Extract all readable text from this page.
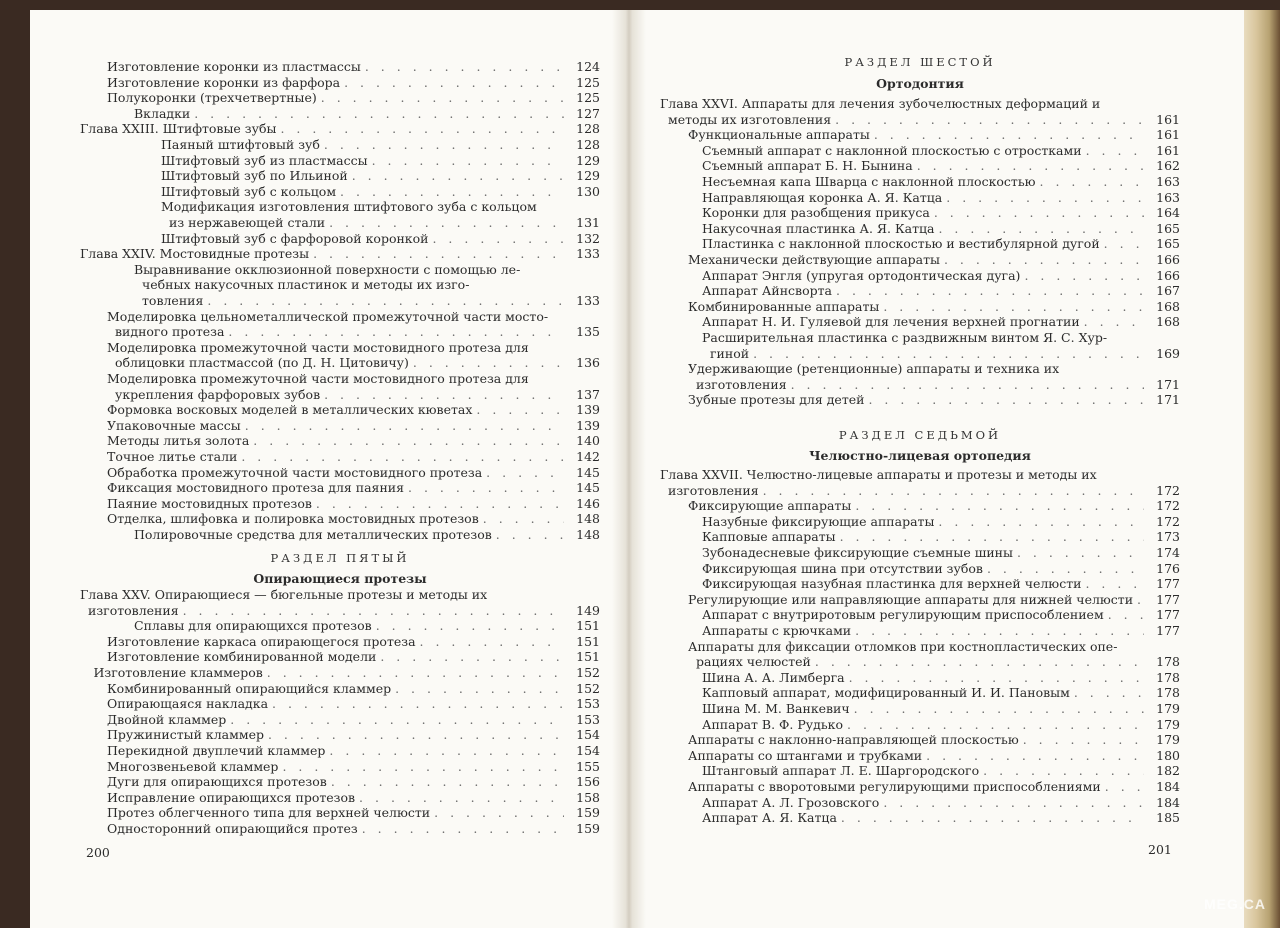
Изготовление коронки из пластмассы . . .	124
Изготовление коронки из фарфора . . .	125
Полукоронки (трехчетвертные) . . .	125
Вкладки . . .	127
Глава XXIII. Штифтовые зубы . . .	128
Паяный штифтовый зуб . . .	128
Штифтовый зуб из пластмассы . . .	129
Штифтовый зуб по Ильиной . . .	129
Штифтовый зуб с кольцом . . .	130
Модификация изготовления штифтового зуба с кольцом
из нержавеющей стали . . .	131
Штифтовый зуб с фарфоровой коронкой . . .	132
Глава XXIV. Мостовидные протезы . . .	133
Выравнивание окклюзионной поверхности с помощью ле-
чебных накусочных пластинок и методы их изго-
товления . . .	133
Моделировка цельнометаллической промежуточной части мосто-
видного протеза . . .	135
Моделировка промежуточной части мостовидного протеза для
облицовки пластмассой (по Д. Н. Цитовичу) . . .	136
Моделировка промежуточной части мостовидного протеза для
укрепления фарфоровых зубов . . .	137
Формовка восковых моделей в металлических кюветах . . .	139
Упаковочные массы . . .	139
Методы литья золота . . .	140
Точное литье стали . . .	142
Обработка промежуточной части мостовидного протеза . . .	145
Фиксация мостовидного протеза для паяния . . .	145
Паяние мостовидных протезов . . .	146
Отделка, шлифовка и полировка мостовидных протезов . . .	148
Полировочные средства для металлических протезов . . .	148
РАЗДЕЛ ПЯТЫЙ
Опирающиеся протезы
Глава XXV. Опирающиеся — бюгельные протезы и методы их
изготовления . . .	149
Сплавы для опирающихся протезов . . .	151
Изготовление каркаса опирающегося протеза . . .	151
Изготовление комбинированной модели . . .	151
Изготовление кламмеров . . .	152
Комбинированный опирающийся кламмер . . .	152
Опирающаяся накладка . . .	153
Двойной кламмер . . .	153
Пружинистый кламмер . . .	154
Перекидной двуплечий кламмер . . .	154
Многозвеньевой кламмер . . .	155
Дуги для опирающихся протезов . . .	156
Исправление опирающихся протезов . . .	158
Протез облегченного типа для верхней челюсти . . .	159
Односторонний опирающийся протез . . .	159
200
РАЗДЕЛ ШЕСТОЙ
Ортодонтия
Глава XXVI. Аппараты для лечения зубочелюстных деформаций и
методы их изготовления . . .	161
Функциональные аппараты . . .	161
Съемный аппарат с наклонной плоскостью с отростками . . .	161
Съемный аппарат Б. Н. Бынина . . .	162
Несъемная капа Шварца с наклонной плоскостью . . .	163
Направляющая коронка А. Я. Катца . . .	163
Коронки для разобщения прикуса . . .	164
Накусочная пластинка А. Я. Катца . . .	165
Пластинка с наклонной плоскостью и вестибулярной дугой . . .	165
Механически действующие аппараты . . .	166
Аппарат Энгля (упругая ортодонтическая дуга) . . .	166
Аппарат Айнсворта . . .	167
Комбинированные аппараты . . .	168
Аппарат Н. И. Гуляевой для лечения верхней прогнатии . . .	168
Расширительная пластинка с раздвижным винтом Я. С. Хур-
гиной . . .	169
Удерживающие (ретенционные) аппараты и техника их
изготовления . . .	171
Зубные протезы для детей . . .	171
РАЗДЕЛ СЕДЬМОЙ
Челюстно-лицевая ортопедия
Глава XXVII. Челюстно-лицевые аппараты и протезы и методы их
изготовления . . .	172
Фиксирующие аппараты . . .	172
Назубные фиксирующие аппараты . . .	172
Капповые аппараты . . .	173
Зубонадесневые фиксирующие съемные шины . . .	174
Фиксирующая шина при отсутствии зубов . . .	176
Фиксирующая назубная пластинка для верхней челюсти . . .	177
Регулирующие или направляющие аппараты для нижней челюсти . . .	177
Аппарат с внутриротовым регулирующим приспособлением . . .	177
Аппараты с крючками . . .	177
Аппараты для фиксации отломков при костнопластических опе-
рациях челюстей . . .	178
Шина А. А. Лимберга . . .	178
Капповый аппарат, модифицированный И. И. Пановым . . .	178
Шина М. М. Ванкевич . . .	179
Аппарат В. Ф. Рудько . . .	179
Аппараты с наклонно-направляющей плоскостью . . .	179
Аппараты со штангами и трубками . . .	180
Штанговый аппарат Л. Е. Шаргородского . . .	182
Аппараты с вворотовыми регулирующими приспособлениями . . .	184
Аппарат А. Л. Грозовского . . .	184
Аппарат А. Я. Катца . . .	185
201
MEG.CA
